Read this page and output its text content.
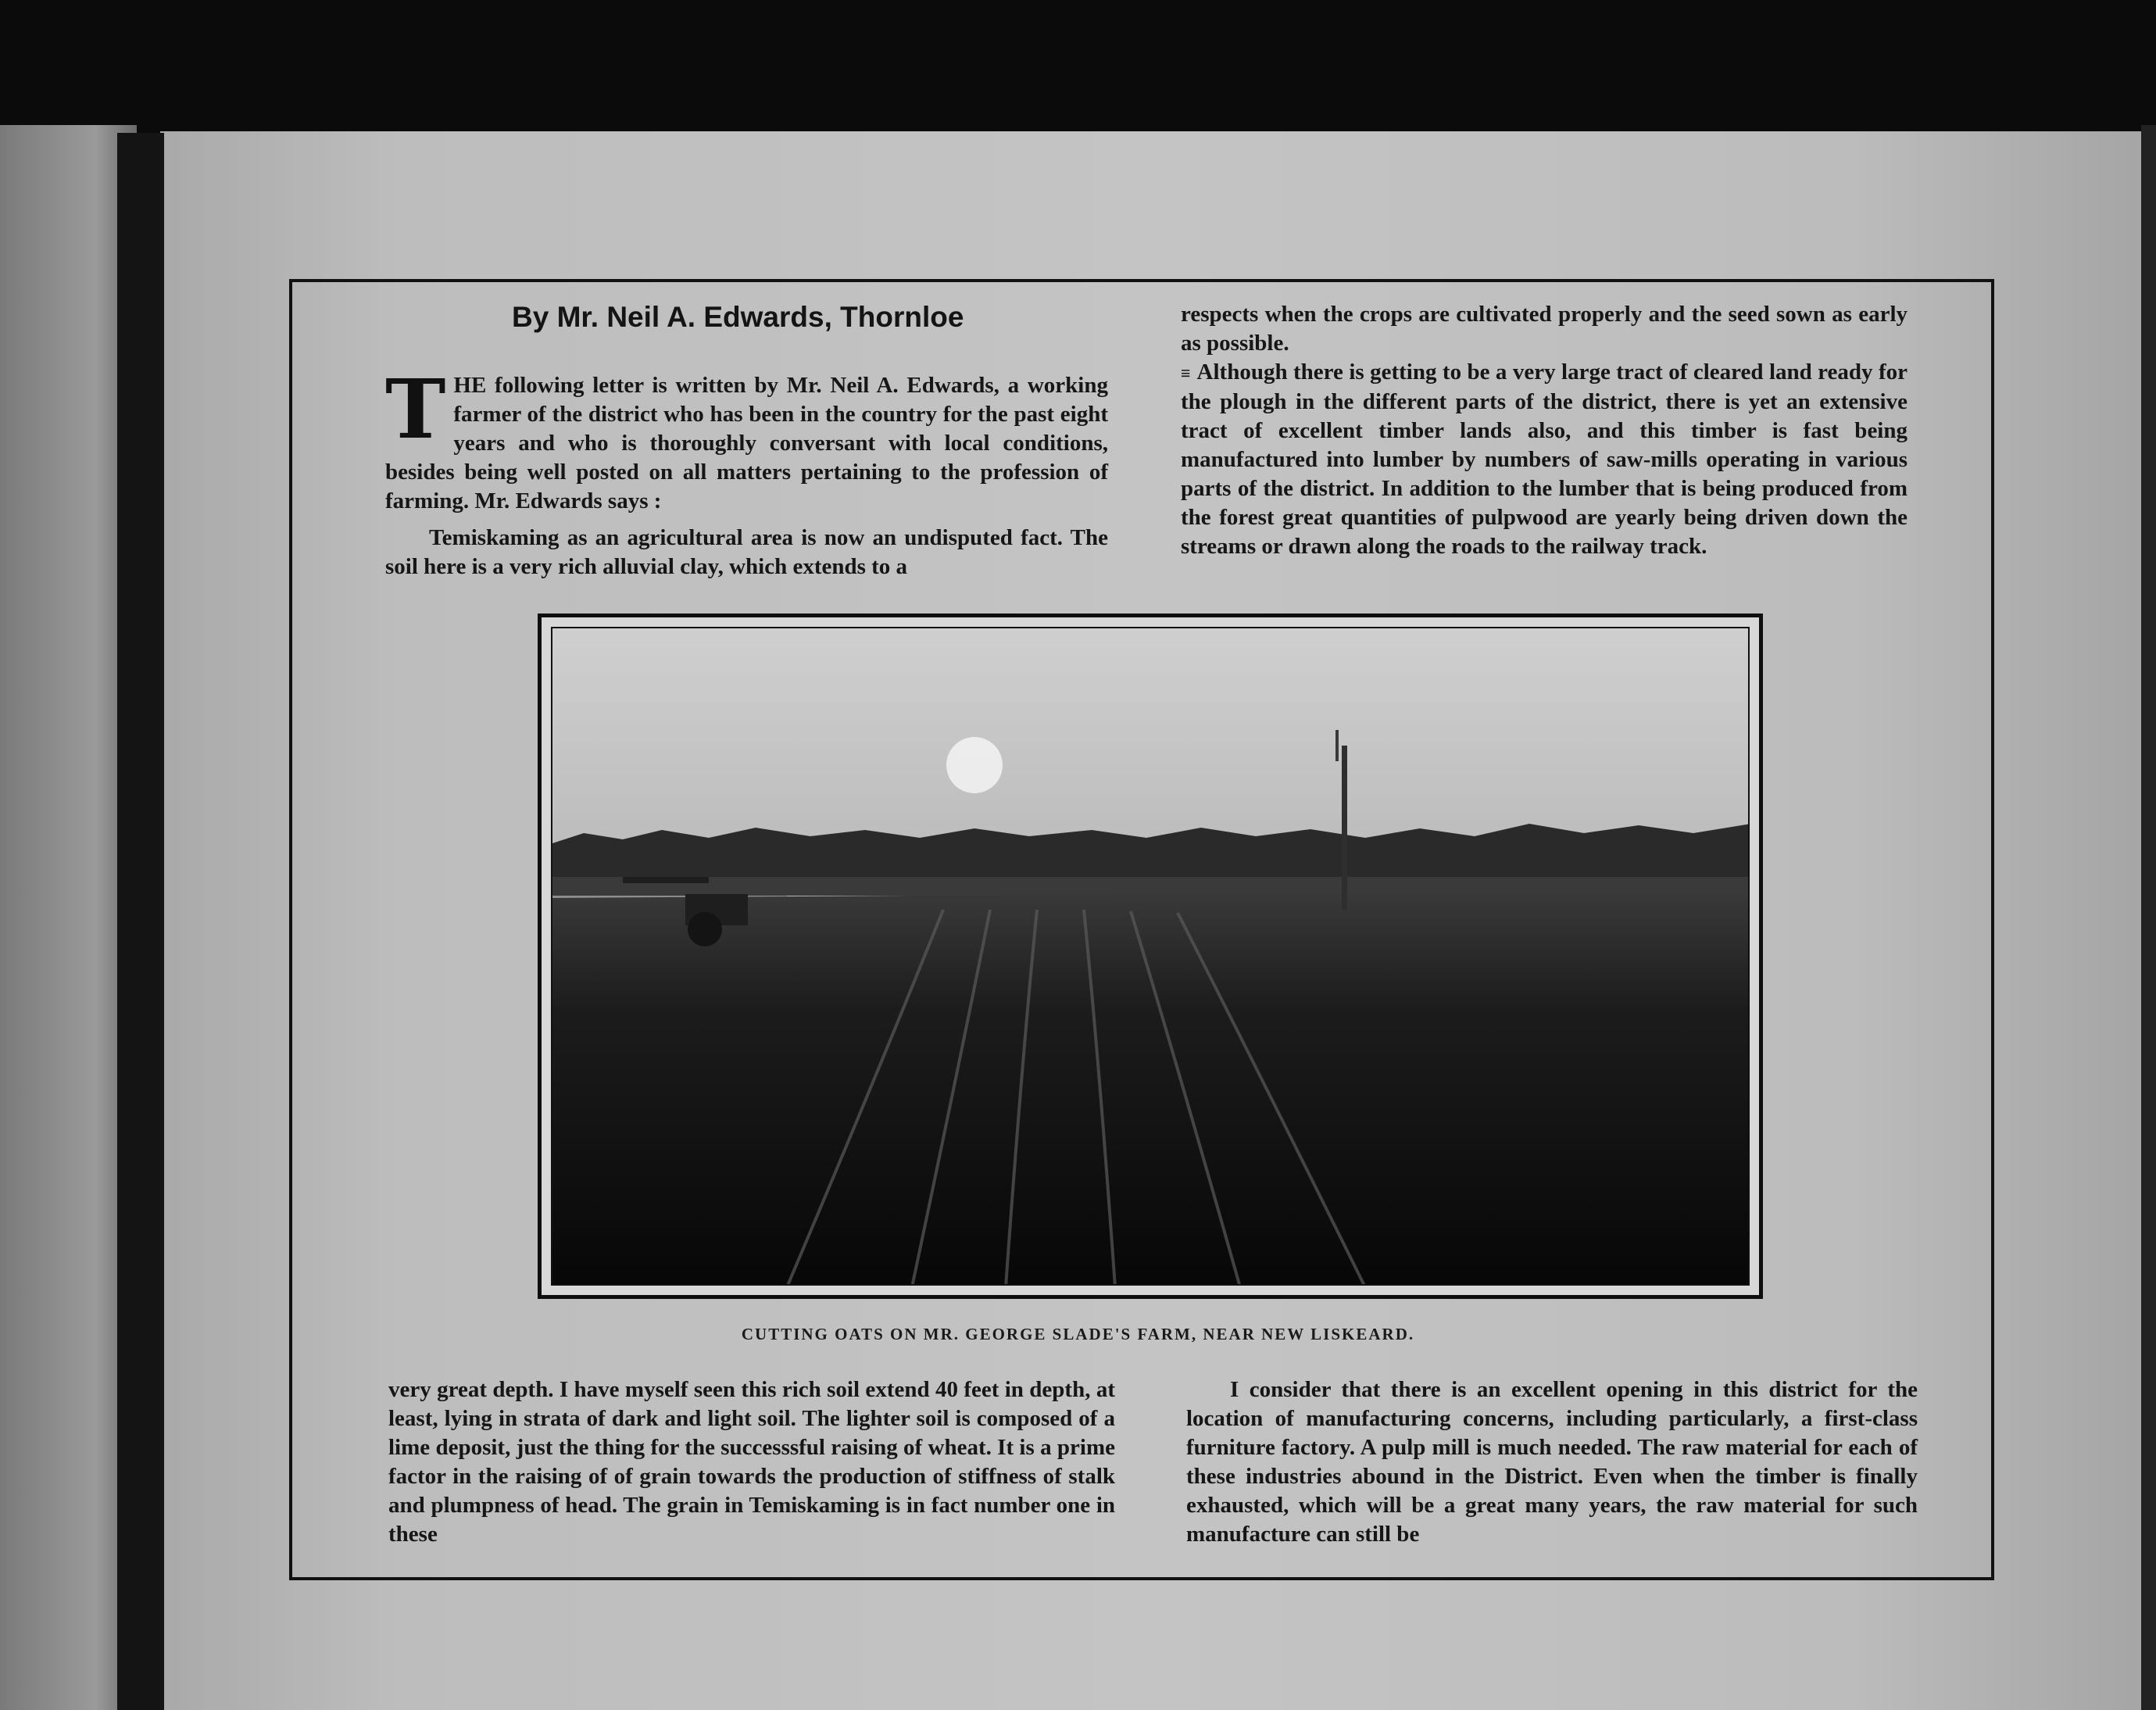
By Mr. Neil A. Edwards, Thornloe

THE following letter is written by Mr. Neil A. Edwards, a working farmer of the district who has been in the country for the past eight years and who is thoroughly conversant with local conditions, besides being well posted on all matters pertaining to the profession of farming. Mr. Edwards says :

Temiskaming as an agricultural area is now an undisputed fact. The soil here is a very rich alluvial clay, which extends to a

respects when the crops are cultivated properly and the seed sown as early as possible.

≡ Although there is getting to be a very large tract of cleared land ready for the plough in the different parts of the district, there is yet an extensive tract of excellent timber lands also, and this timber is fast being manufactured into lumber by numbers of saw-mills operating in various parts of the district. In addition to the lumber that is being produced from the forest great quantities of pulpwood are yearly being driven down the streams or drawn along the roads to the railway track.

CUTTING OATS ON MR. GEORGE SLADE'S FARM, NEAR NEW LISKEARD.

very great depth. I have myself seen this rich soil extend 40 feet in depth, at least, lying in strata of dark and light soil. The lighter soil is composed of a lime deposit, just the thing for the successsful raising of wheat. It is a prime factor in the raising of of grain towards the production of stiffness of stalk and plumpness of head. The grain in Temiskaming is in fact number one in these

I consider that there is an excellent opening in this district for the location of manufacturing concerns, including particularly, a first-class furniture factory. A pulp mill is much needed. The raw material for each of these industries abound in the District. Even when the timber is finally exhausted, which will be a great many years, the raw material for such manufacture can still be
